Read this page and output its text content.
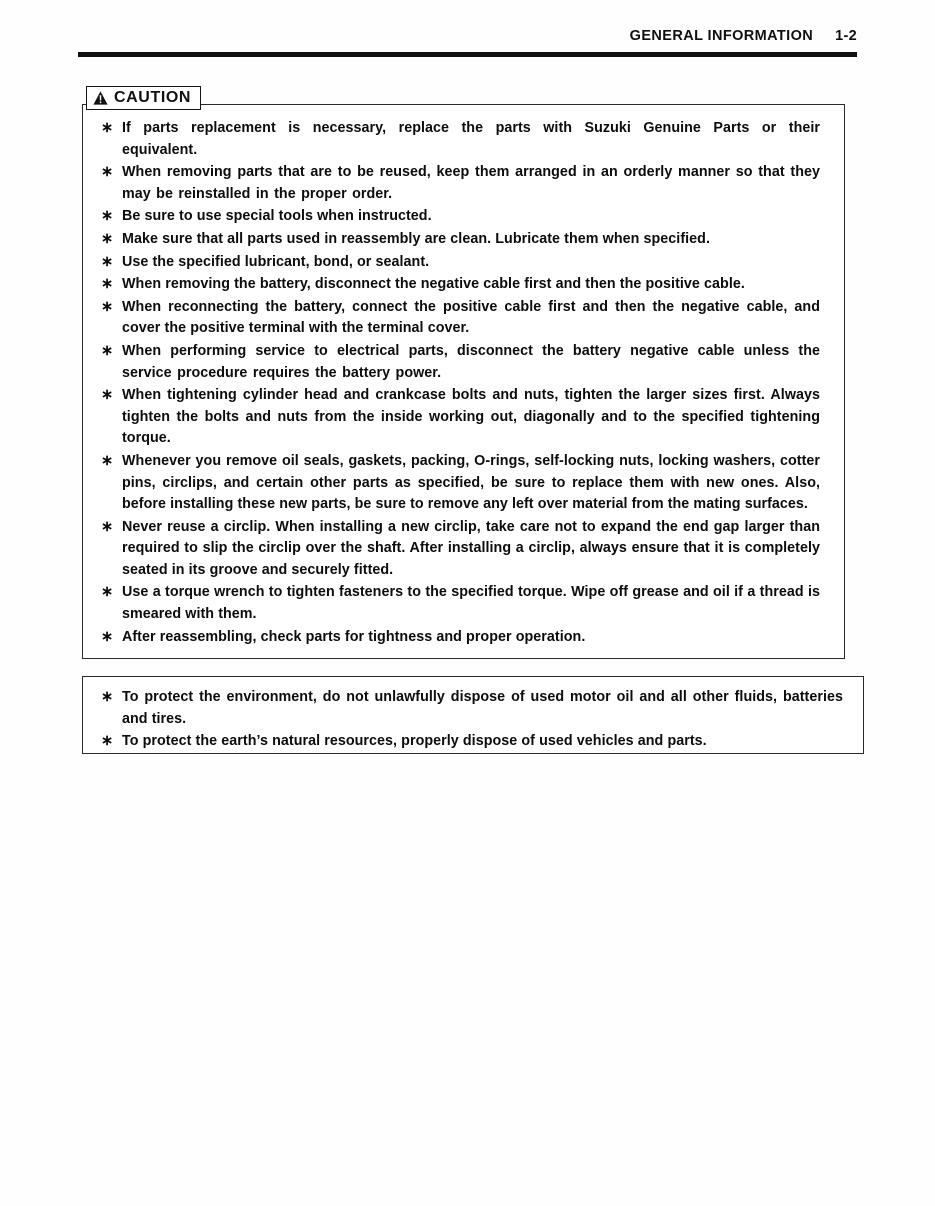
GENERAL INFORMATION 1-2
∗ If parts replacement is necessary, replace the parts with Suzuki Genuine Parts or their equivalent.
∗ When removing parts that are to be reused, keep them arranged in an orderly manner so that they may be reinstalled in the proper order.
∗ Be sure to use special tools when instructed.
∗ Make sure that all parts used in reassembly are clean. Lubricate them when specified.
∗ Use the specified lubricant, bond, or sealant.
∗ When removing the battery, disconnect the negative cable first and then the positive cable.
∗ When reconnecting the battery, connect the positive cable first and then the negative cable, and cover the positive terminal with the terminal cover.
∗ When performing service to electrical parts, disconnect the battery negative cable unless the service procedure requires the battery power.
∗ When tightening cylinder head and crankcase bolts and nuts, tighten the larger sizes first. Always tighten the bolts and nuts from the inside working out, diagonally and to the specified tightening torque.
∗ Whenever you remove oil seals, gaskets, packing, O-rings, self-locking nuts, locking washers, cotter pins, circlips, and certain other parts as specified, be sure to replace them with new ones. Also, before installing these new parts, be sure to remove any left over material from the mating surfaces.
∗ Never reuse a circlip. When installing a new circlip, take care not to expand the end gap larger than required to slip the circlip over the shaft. After installing a circlip, always ensure that it is completely seated in its groove and securely fitted.
∗ Use a torque wrench to tighten fasteners to the specified torque. Wipe off grease and oil if a thread is smeared with them.
∗ After reassembling, check parts for tightness and proper operation.
CAUTION
∗ To protect the environment, do not unlawfully dispose of used motor oil and all other fluids, batteries and tires.
∗ To protect the earth’s natural resources, properly dispose of used vehicles and parts.
